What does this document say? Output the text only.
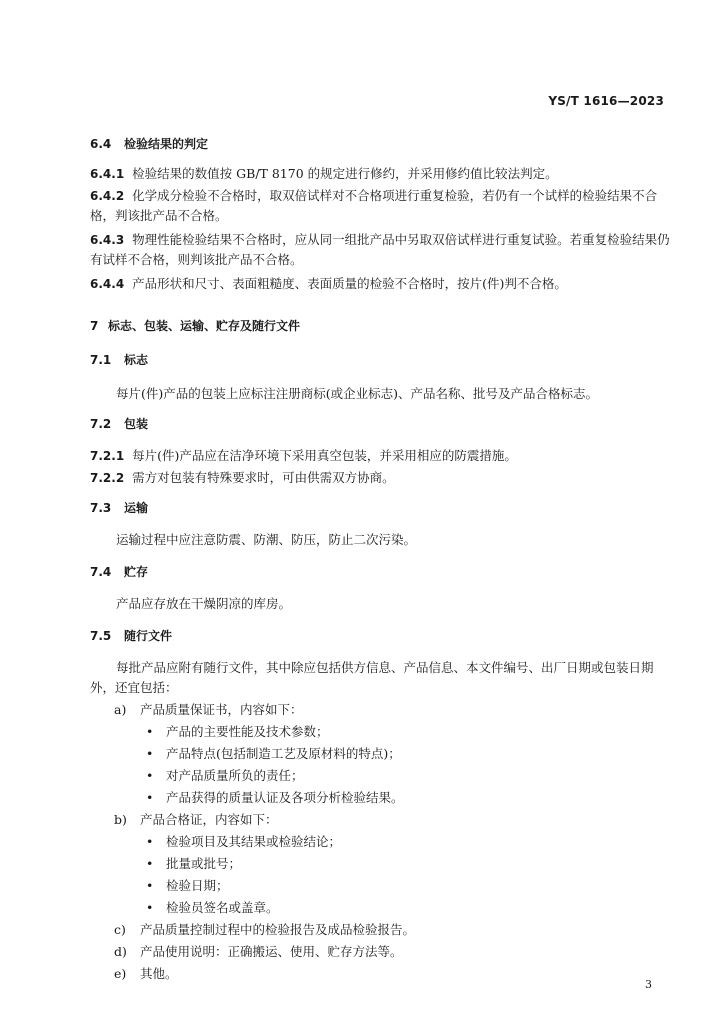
YS/T 1616—2023
6.4 检验结果的判定
6.4.1 检验结果的数值按 GB/T 8170 的规定进行修约，并采用修约值比较法判定。
6.4.2 化学成分检验不合格时，取双倍试样对不合格项进行重复检验，若仍有一个试样的检验结果不合格，判该批产品不合格。
6.4.3 物理性能检验结果不合格时，应从同一组批产品中另取双倍试样进行重复试验。若重复检验结果仍有试样不合格，则判该批产品不合格。
6.4.4 产品形状和尺寸、表面粗糙度、表面质量的检验不合格时，按片(件)判不合格。
7 标志、包装、运输、贮存及随行文件
7.1 标志
每片(件)产品的包装上应标注注册商标(或企业标志)、产品名称、批号及产品合格标志。
7.2 包装
7.2.1 每片(件)产品应在洁净环境下采用真空包装，并采用相应的防震措施。
7.2.2 需方对包装有特殊要求时，可由供需双方协商。
7.3 运输
运输过程中应注意防震、防潮、防压，防止二次污染。
7.4 贮存
产品应存放在干燥阴凉的库房。
7.5 随行文件
每批产品应附有随行文件，其中除应包括供方信息、产品信息、本文件编号、出厂日期或包装日期外，还宜包括：
a) 产品质量保证书，内容如下：
• 产品的主要性能及技术参数；
• 产品特点(包括制造工艺及原材料的特点)；
• 对产品质量所负的责任；
• 产品获得的质量认证及各项分析检验结果。
b) 产品合格证，内容如下：
• 检验项目及其结果或检验结论；
• 批量或批号；
• 检验日期；
• 检验员签名或盖章。
c) 产品质量控制过程中的检验报告及成品检验报告。
d) 产品使用说明：正确搬运、使用、贮存方法等。
e) 其他。
3
